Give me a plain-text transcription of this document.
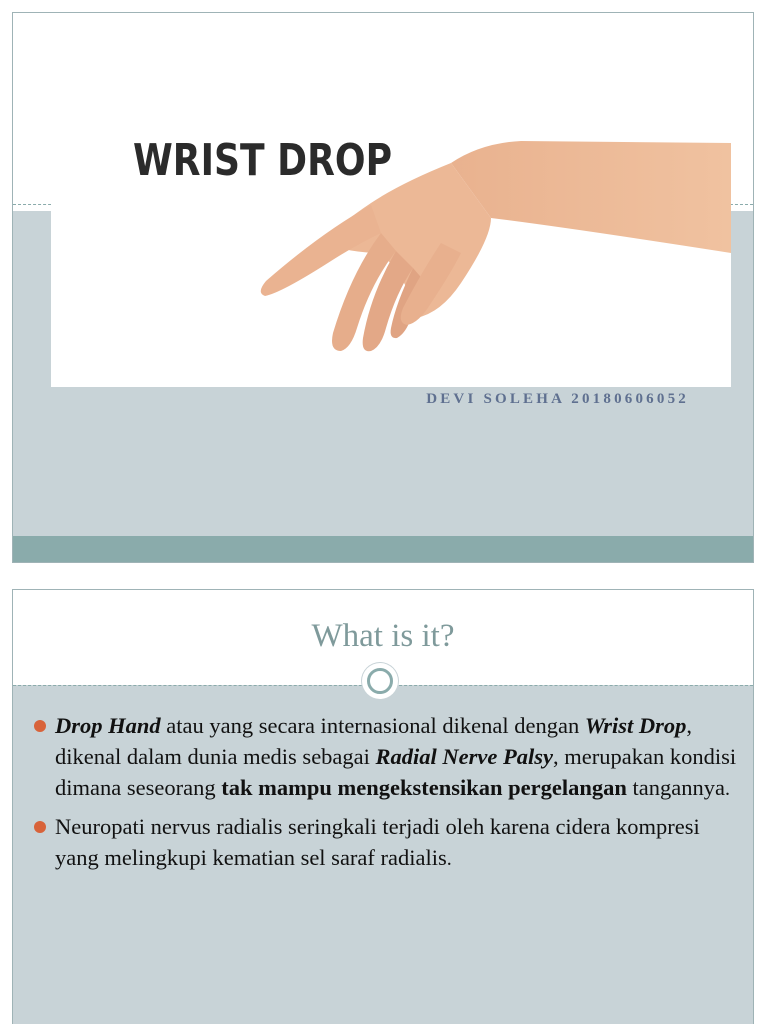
WRIST DROP
DEVI SOLEHA 20180606052
What is it?
Drop Hand atau yang secara internasional dikenal dengan Wrist Drop, dikenal dalam dunia medis sebagai Radial Nerve Palsy, merupakan kondisi dimana seseorang tak mampu mengekstensikan pergelangan tangannya.
Neuropati nervus radialis seringkali terjadi oleh karena cidera kompresi yang melingkupi kematian sel saraf radialis.
